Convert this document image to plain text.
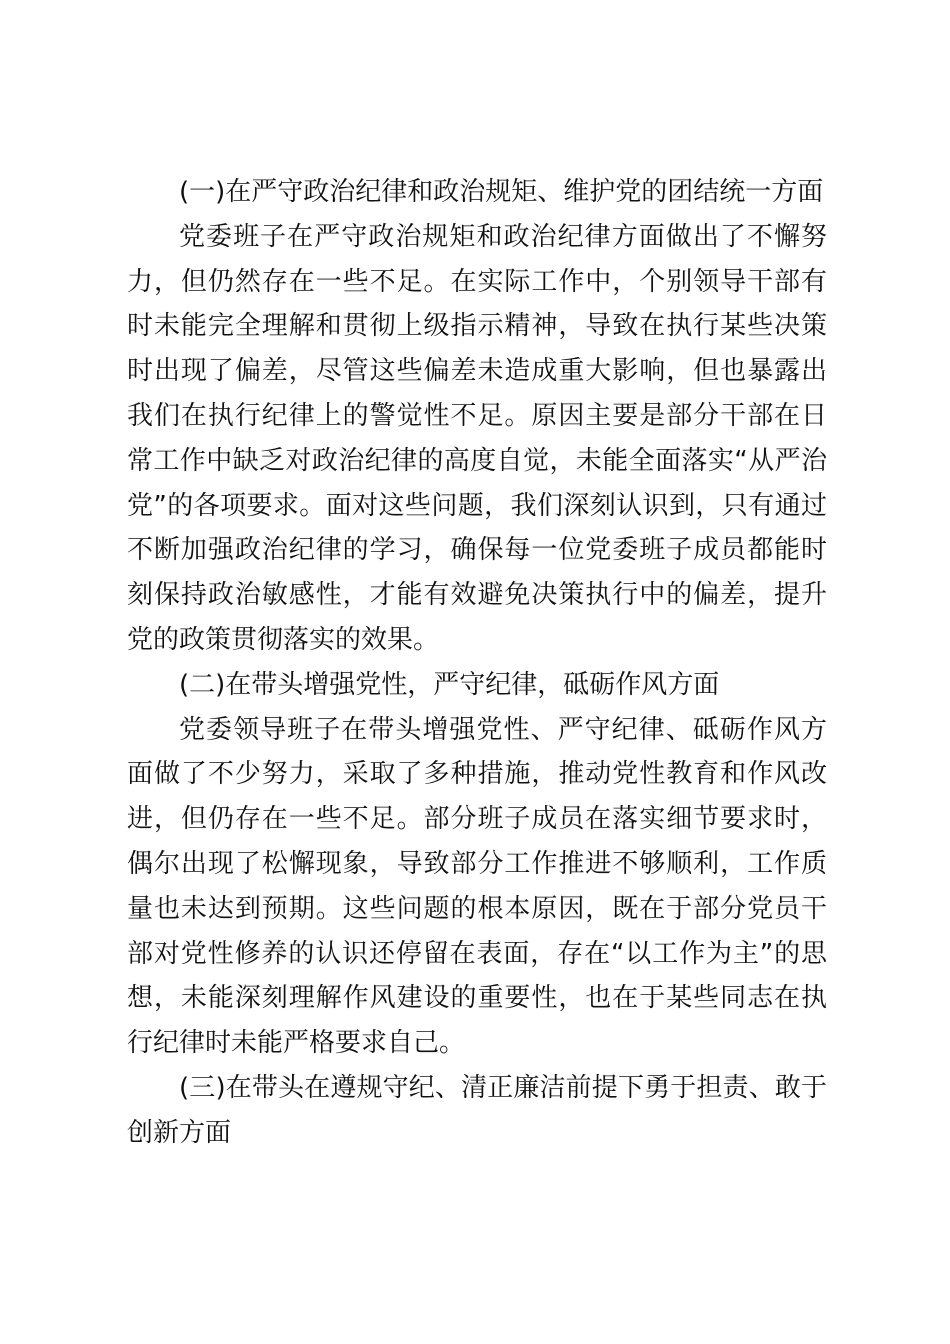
(一)在严守政治纪律和政治规矩、维护党的团结统一方面

党委班子在严守政治规矩和政治纪律方面做出了不懈努力，但仍然存在一些不足。在实际工作中，个别领导干部有时未能完全理解和贯彻上级指示精神，导致在执行某些决策时出现了偏差，尽管这些偏差未造成重大影响，但也暴露出我们在执行纪律上的警觉性不足。原因主要是部分干部在日常工作中缺乏对政治纪律的高度自觉，未能全面落实“从严治党”的各项要求。面对这些问题，我们深刻认识到，只有通过不断加强政治纪律的学习，确保每一位党委班子成员都能时刻保持政治敏感性，才能有效避免决策执行中的偏差，提升党的政策贯彻落实的效果。

(二)在带头增强党性，严守纪律，砥砺作风方面

党委领导班子在带头增强党性、严守纪律、砥砺作风方面做了不少努力，采取了多种措施，推动党性教育和作风改进，但仍存在一些不足。部分班子成员在落实细节要求时，偶尔出现了松懈现象，导致部分工作推进不够顺利，工作质量也未达到预期。这些问题的根本原因，既在于部分党员干部对党性修养的认识还停留在表面，存在“以工作为主”的思想，未能深刻理解作风建设的重要性，也在于某些同志在执行纪律时未能严格要求自己。

(三)在带头在遵规守纪、清正廉洁前提下勇于担责、敢于创新方面
